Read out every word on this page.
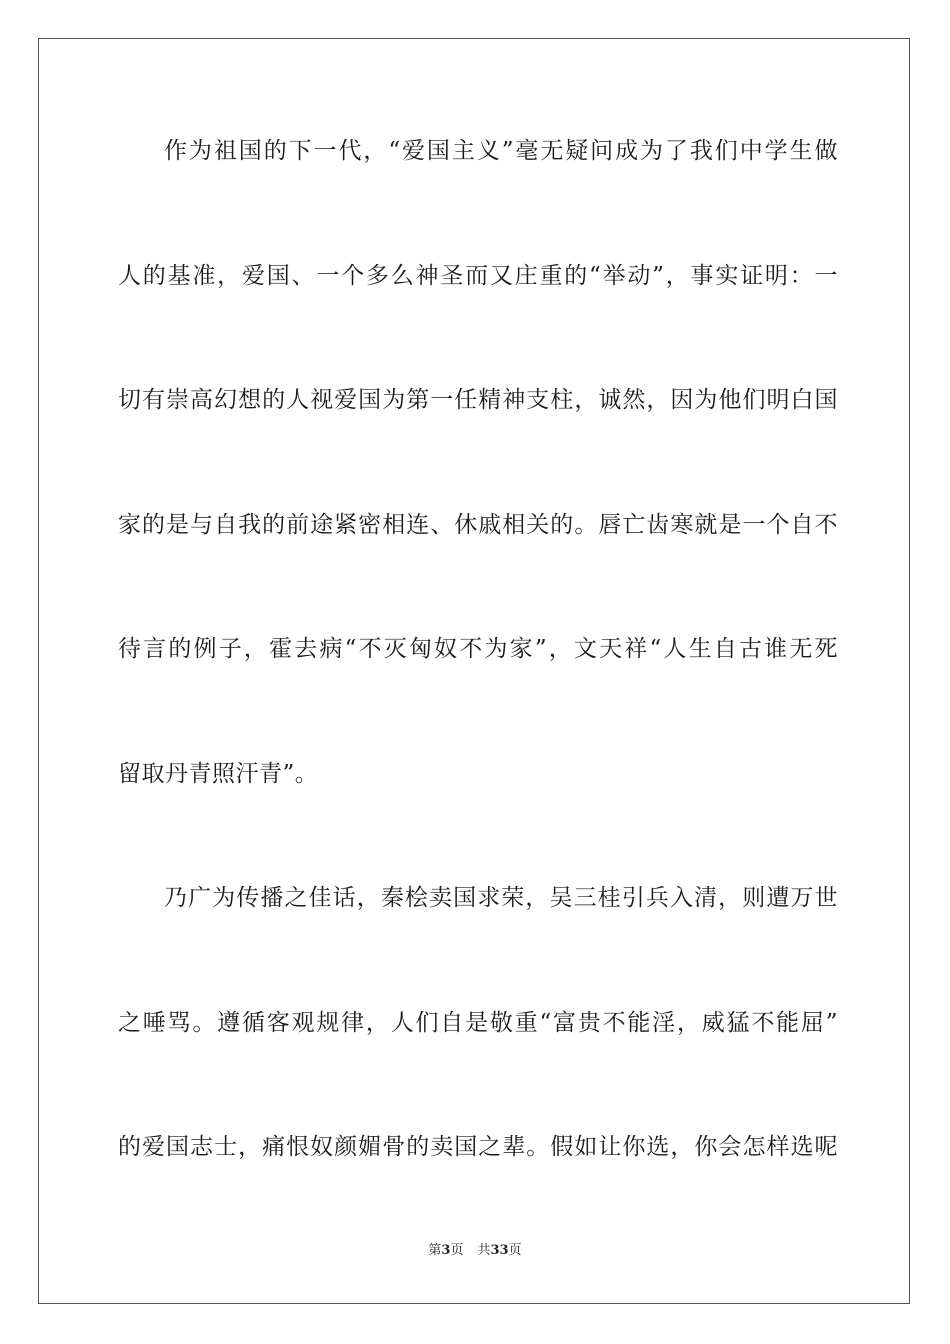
作为祖国的下一代，“爱国主义”毫无疑问成为了我们中学生做
人的基准，爱国、一个多么神圣而又庄重的“举动”，事实证明：一
切有崇高幻想的人视爱国为第一任精神支柱，诚然，因为他们明白国
家的是与自我的前途紧密相连、休戚相关的。唇亡齿寒就是一个自不
待言的例子，霍去病“不灭匈奴不为家”，文天祥“人生自古谁无死
留取丹青照汗青”。
乃广为传播之佳话，秦桧卖国求荣，吴三桂引兵入清，则遭万世
之唾骂。遵循客观规律，人们自是敬重“富贵不能淫，威猛不能屈”
的爱国志士，痛恨奴颜媚骨的卖国之辈。假如让你选，你会怎样选呢
第3页 共33页
